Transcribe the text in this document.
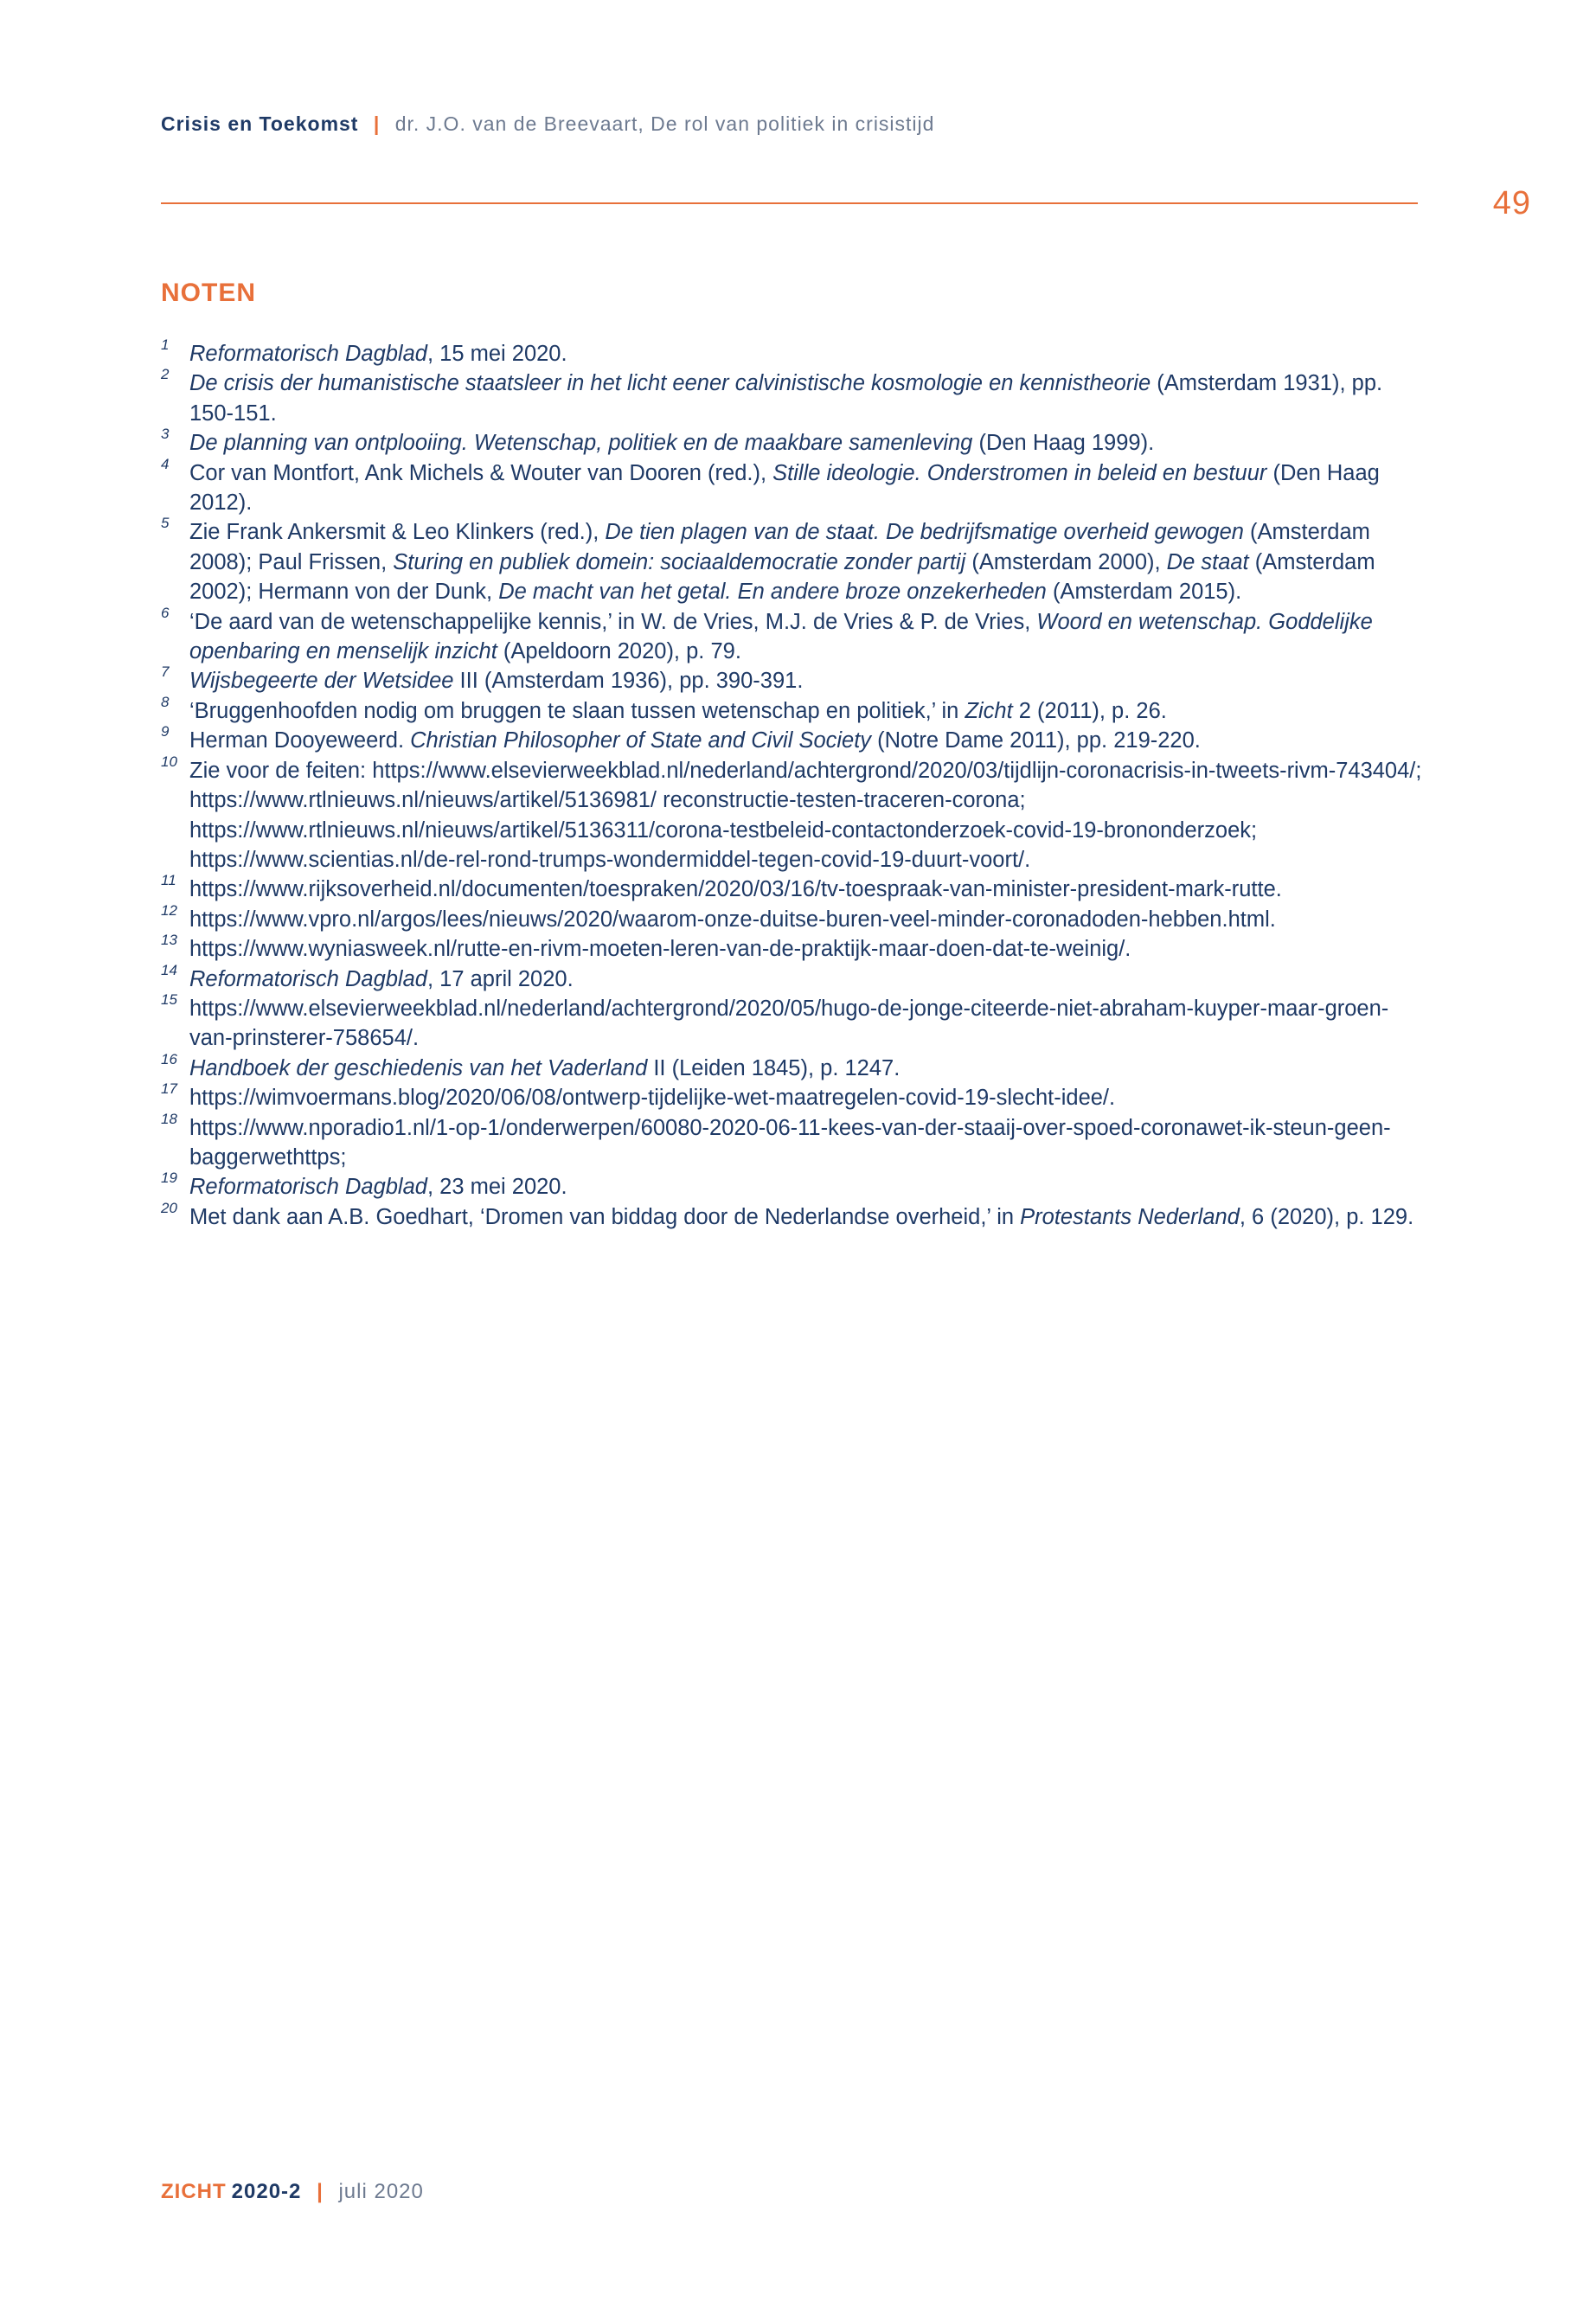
Crisis en Toekomst | dr. J.O. van de Breevaart, De rol van politiek in crisistijd
49
NOTEN
1 Reformatorisch Dagblad, 15 mei 2020.
2 De crisis der humanistische staatsleer in het licht eener calvinistische kosmologie en kennistheorie (Amsterdam 1931), pp. 150-151.
3 De planning van ontplooiing. Wetenschap, politiek en de maakbare samenleving (Den Haag 1999).
4 Cor van Montfort, Ank Michels & Wouter van Dooren (red.), Stille ideologie. Onderstromen in beleid en bestuur (Den Haag 2012).
5 Zie Frank Ankersmit & Leo Klinkers (red.), De tien plagen van de staat. De bedrijfsmatige overheid gewogen (Amsterdam 2008); Paul Frissen, Sturing en publiek domein: sociaaldemocratie zonder partij (Amsterdam 2000), De staat (Amsterdam 2002); Hermann von der Dunk, De macht van het getal. En andere broze onzekerheden (Amsterdam 2015).
6 ‘De aard van de wetenschappelijke kennis,’ in W. de Vries, M.J. de Vries & P. de Vries, Woord en wetenschap. Goddelijke openbaring en menselijk inzicht (Apeldoorn 2020), p. 79.
7 Wijsbegeerte der Wetsidee III (Amsterdam 1936), pp. 390-391.
8 ‘Bruggenhoofden nodig om bruggen te slaan tussen wetenschap en politiek,’ in Zicht 2 (2011), p. 26.
9 Herman Dooyeweerd. Christian Philosopher of State and Civil Society (Notre Dame 2011), pp. 219-220.
10 Zie voor de feiten: https://www.elsevierweekblad.nl/nederland/achtergrond/2020/03/tijdlijn-coronacrisis-in-tweets-rivm-743404/; https://www.rtlnieuws.nl/nieuws/artikel/5136981/ reconstructie-testen-traceren-corona; https://www.rtlnieuws.nl/nieuws/artikel/5136311/corona-testbeleid-contactonderzoek-covid-19-brononderzoek; https://www.scientias.nl/de-rel-rond-trumps-wondermiddel-tegen-covid-19-duurt-voort/.
11 https://www.rijksoverheid.nl/documenten/toespraken/2020/03/16/tv-toespraak-van-minister-president-mark-rutte.
12 https://www.vpro.nl/argos/lees/nieuws/2020/waarom-onze-duitse-buren-veel-minder-coronadoden-hebben.html.
13 https://www.wyniasweek.nl/rutte-en-rivm-moeten-leren-van-de-praktijk-maar-doen-dat-te-weinig/.
14 Reformatorisch Dagblad, 17 april 2020.
15 https://www.elsevierweekblad.nl/nederland/achtergrond/2020/05/hugo-de-jonge-citeerde-niet-abraham-kuyper-maar-groen-van-prinsterer-758654/.
16 Handboek der geschiedenis van het Vaderland II (Leiden 1845), p. 1247.
17 https://wimvoermans.blog/2020/06/08/ontwerp-tijdelijke-wet-maatregelen-covid-19-slecht-idee/.
18 https://www.nporadio1.nl/1-op-1/onderwerpen/60080-2020-06-11-kees-van-der-staaij-over-spoed-coronawet-ik-steun-geen-baggerwethttps;
19 Reformatorisch Dagblad, 23 mei 2020.
20 Met dank aan A.B. Goedhart, ‘Dromen van biddag door de Nederlandse overheid,’ in Protestants Nederland, 6 (2020), p. 129.
ZICHT 2020-2 | juli 2020
